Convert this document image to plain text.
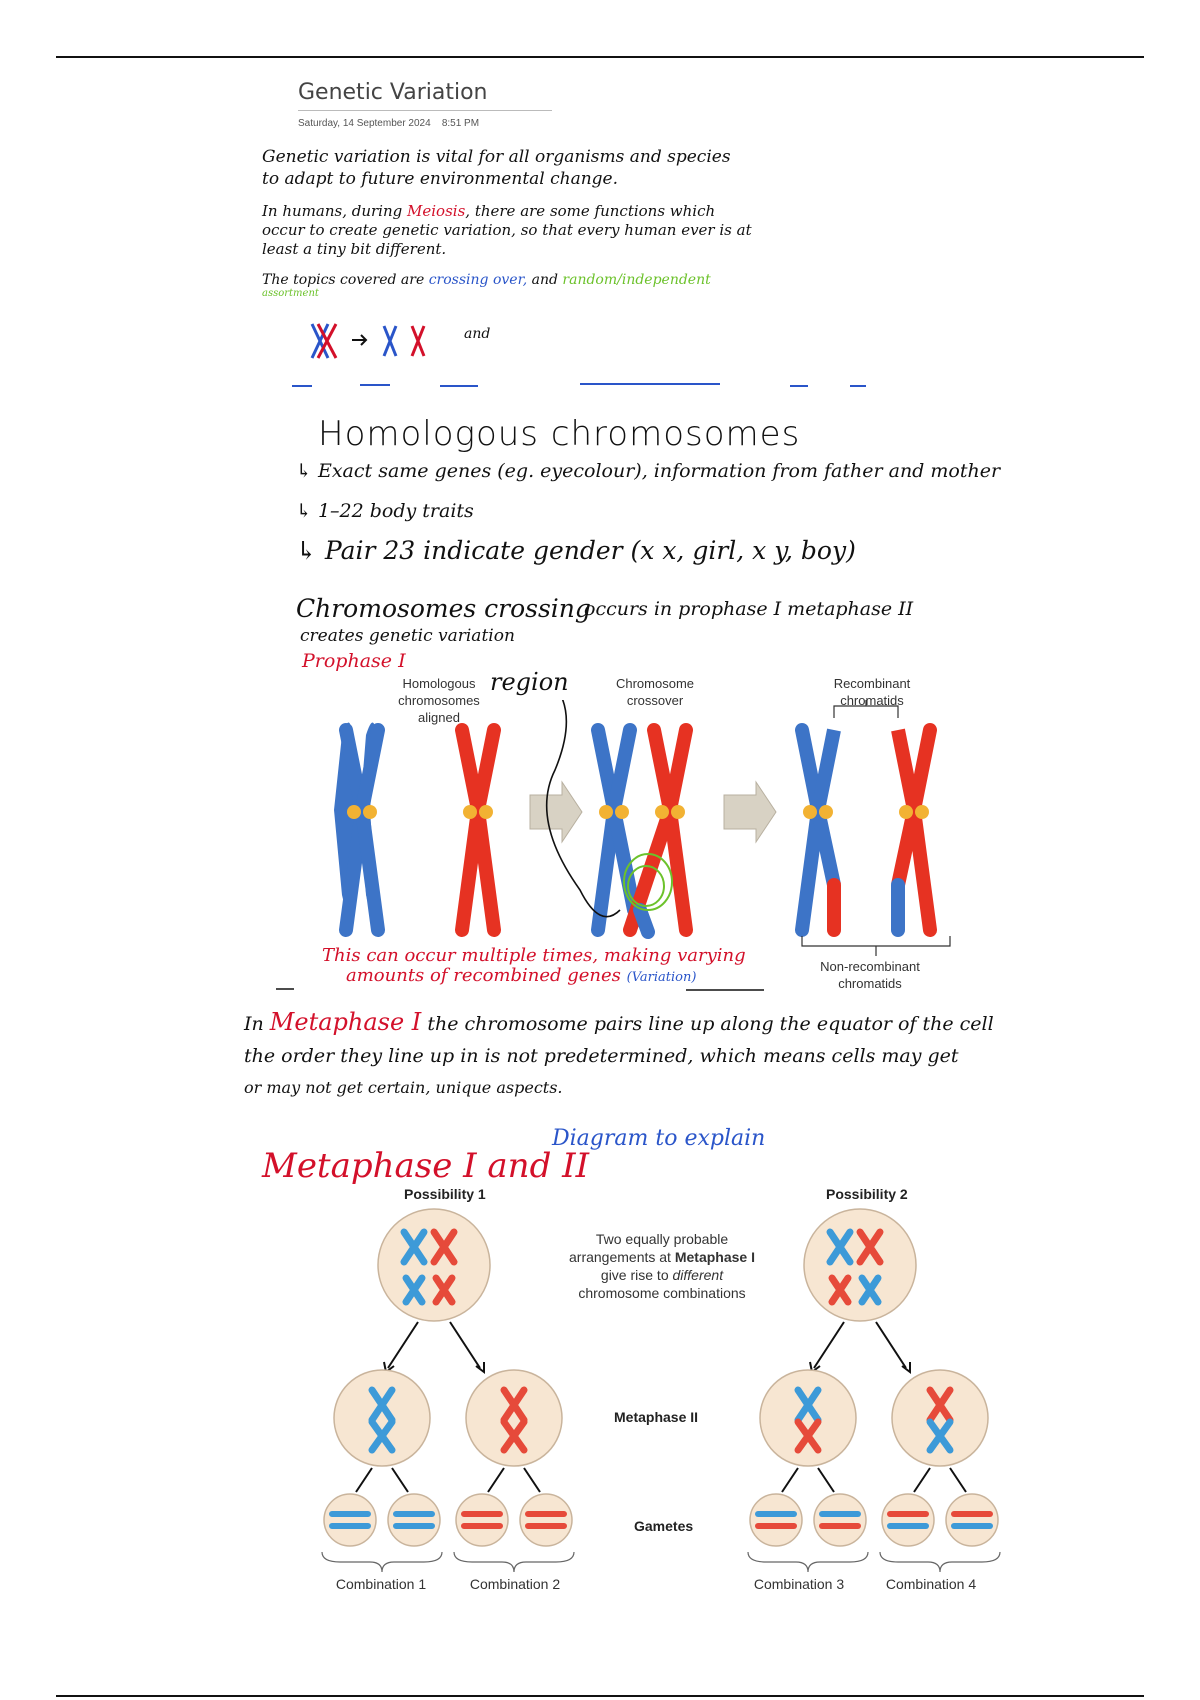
Genetic Variation
Saturday, 14 September 2024 8:51 PM
Genetic variation is vital for all organisms and species
to adapt to future environmental change.
In humans, during Meiosis, there are some functions which
occur to create genetic variation, so that every human ever is at
least a tiny bit different.
The topics covered are crossing over, and random/independent
assortment
and
Homologous chromosomes
↳ Exact same genes (eg. eyecolour), information from father and mother
↳ 1–22 body traits
↳ Pair 23 indicate gender (x x, girl, x y, boy)
Chromosomes crossing
occurs in prophase I metaphase II
creates genetic variation
Prophase I
Homologous chromosomes aligned
region	Chromosome crossover
Recombinant chromatids
Non-recombinant chromatids
This can occur multiple times, making varying
amounts of recombined genes (Variation)
In Metaphase I the chromosome pairs line up along the equator of the cell
the order they line up in is not predetermined, which means cells may get
or may not get certain, unique aspects.
Metaphase I and II
Diagram to explain
Possibility 1	Possibility 2
Two equally probable
arrangements at Metaphase I
give rise to different
chromosome combinations
Metaphase II
Gametes
Combination 1	Combination 2	Combination 3	Combination 4
